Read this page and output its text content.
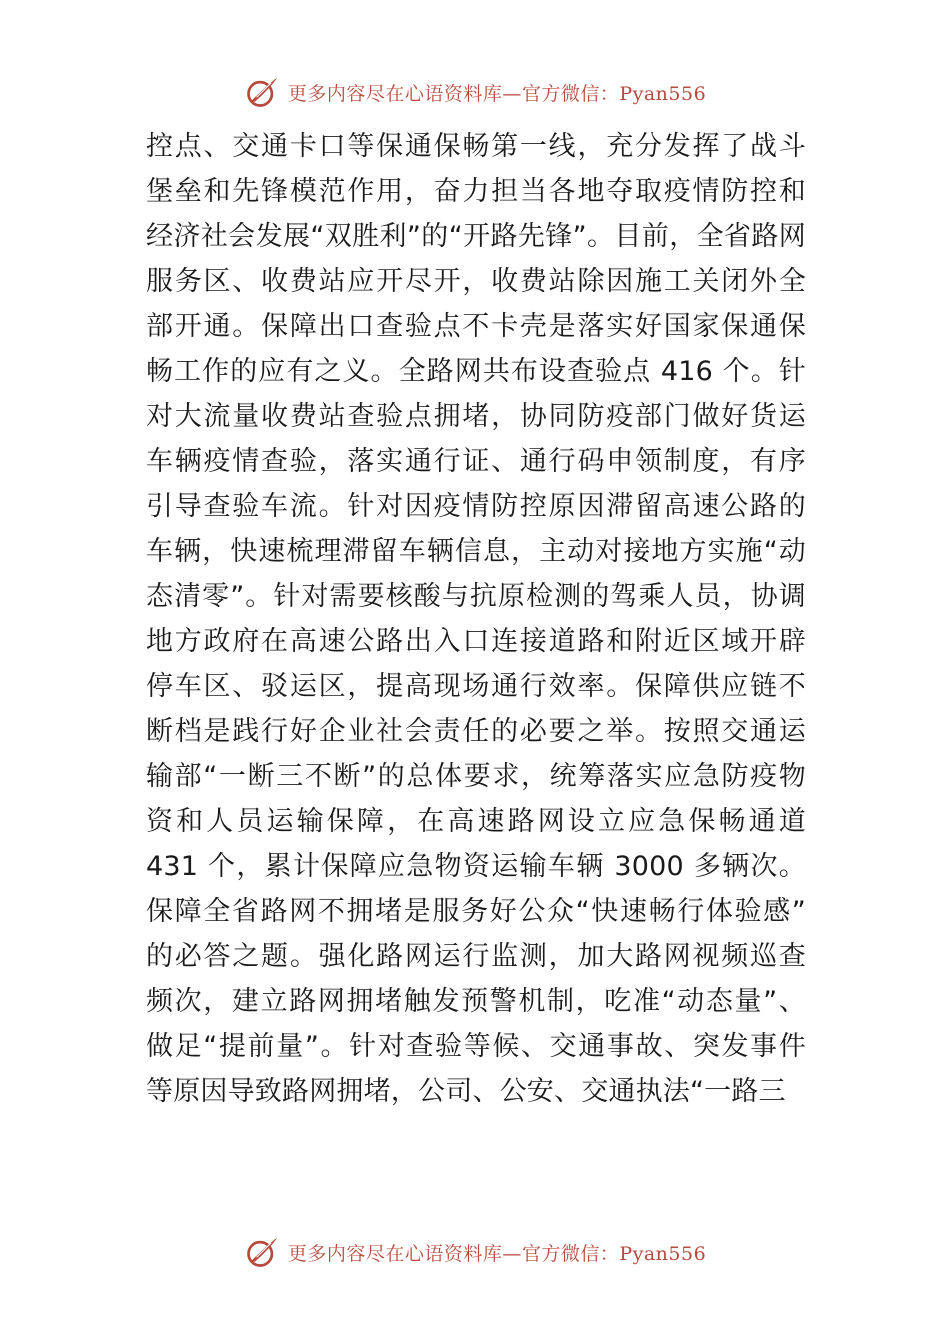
更多内容尽在心语资料库—官方微信：Pyan556
控点、交通卡口等保通保畅第一线，充分发挥了战斗
堡垒和先锋模范作用，奋力担当各地夺取疫情防控和
经济社会发展“双胜利”的“开路先锋”。目前，全省路网
服务区、收费站应开尽开，收费站除因施工关闭外全
部开通。保障出口查验点不卡壳是落实好国家保通保
畅工作的应有之义。全路网共布设查验点 416 个。针
对大流量收费站查验点拥堵，协同防疫部门做好货运
车辆疫情查验，落实通行证、通行码申领制度，有序
引导查验车流。针对因疫情防控原因滞留高速公路的
车辆，快速梳理滞留车辆信息，主动对接地方实施“动
态清零”。针对需要核酸与抗原检测的驾乘人员，协调
地方政府在高速公路出入口连接道路和附近区域开辟
停车区、驳运区，提高现场通行效率。保障供应链不
断档是践行好企业社会责任的必要之举。按照交通运
输部“一断三不断”的总体要求，统筹落实应急防疫物
资和人员运输保障，在高速路网设立应急保畅通道
431 个，累计保障应急物资运输车辆 3000 多辆次。
保障全省路网不拥堵是服务好公众“快速畅行体验感”
的必答之题。强化路网运行监测，加大路网视频巡查
频次，建立路网拥堵触发预警机制，吃准“动态量”、
做足“提前量”。针对查验等候、交通事故、突发事件
等原因导致路网拥堵，公司、公安、交通执法“一路三
更多内容尽在心语资料库—官方微信：Pyan556
